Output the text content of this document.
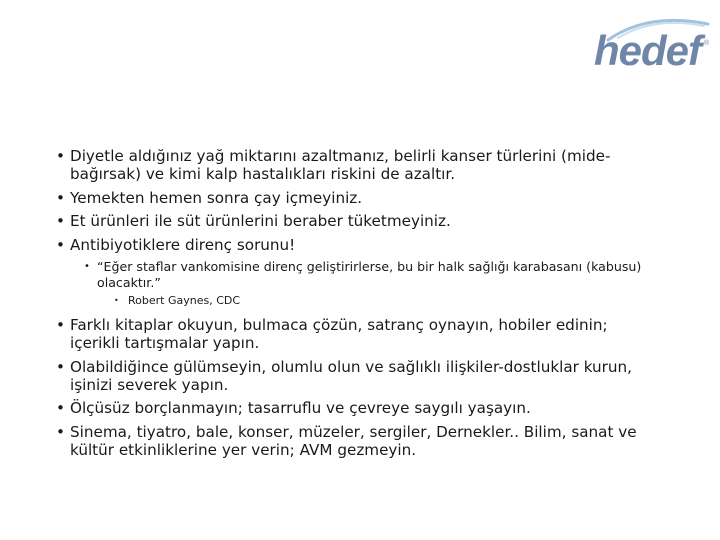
hedef ®
• Diyetle aldığınız yağ miktarını azaltmanız, belirli kanser türlerini (mide-bağırsak) ve kimi kalp hastalıkları riskini de azaltır.
• Yemekten hemen sonra çay içmeyiniz.
• Et ürünleri ile süt ürünlerini beraber tüketmeyiniz.
• Antibiyotiklere direnç sorunu!
• “Eğer staflar vankomisine direnç geliştirirlerse, bu bir halk sağlığı karabasanı (kabusu) olacaktır.”
• Robert Gaynes, CDC
• Farklı kitaplar okuyun, bulmaca çözün, satranç oynayın, hobiler edinin; içerikli tartışmalar yapın.
• Olabildiğince gülümseyin, olumlu olun ve sağlıklı ilişkiler-dostluklar kurun, işinizi severek yapın.
• Ölçüsüz borçlanmayın; tasarruflu ve çevreye saygılı yaşayın.
• Sinema, tiyatro, bale, konser, müzeler, sergiler, Dernekler.. Bilim, sanat ve kültür etkinliklerine yer verin; AVM gezmeyin.
